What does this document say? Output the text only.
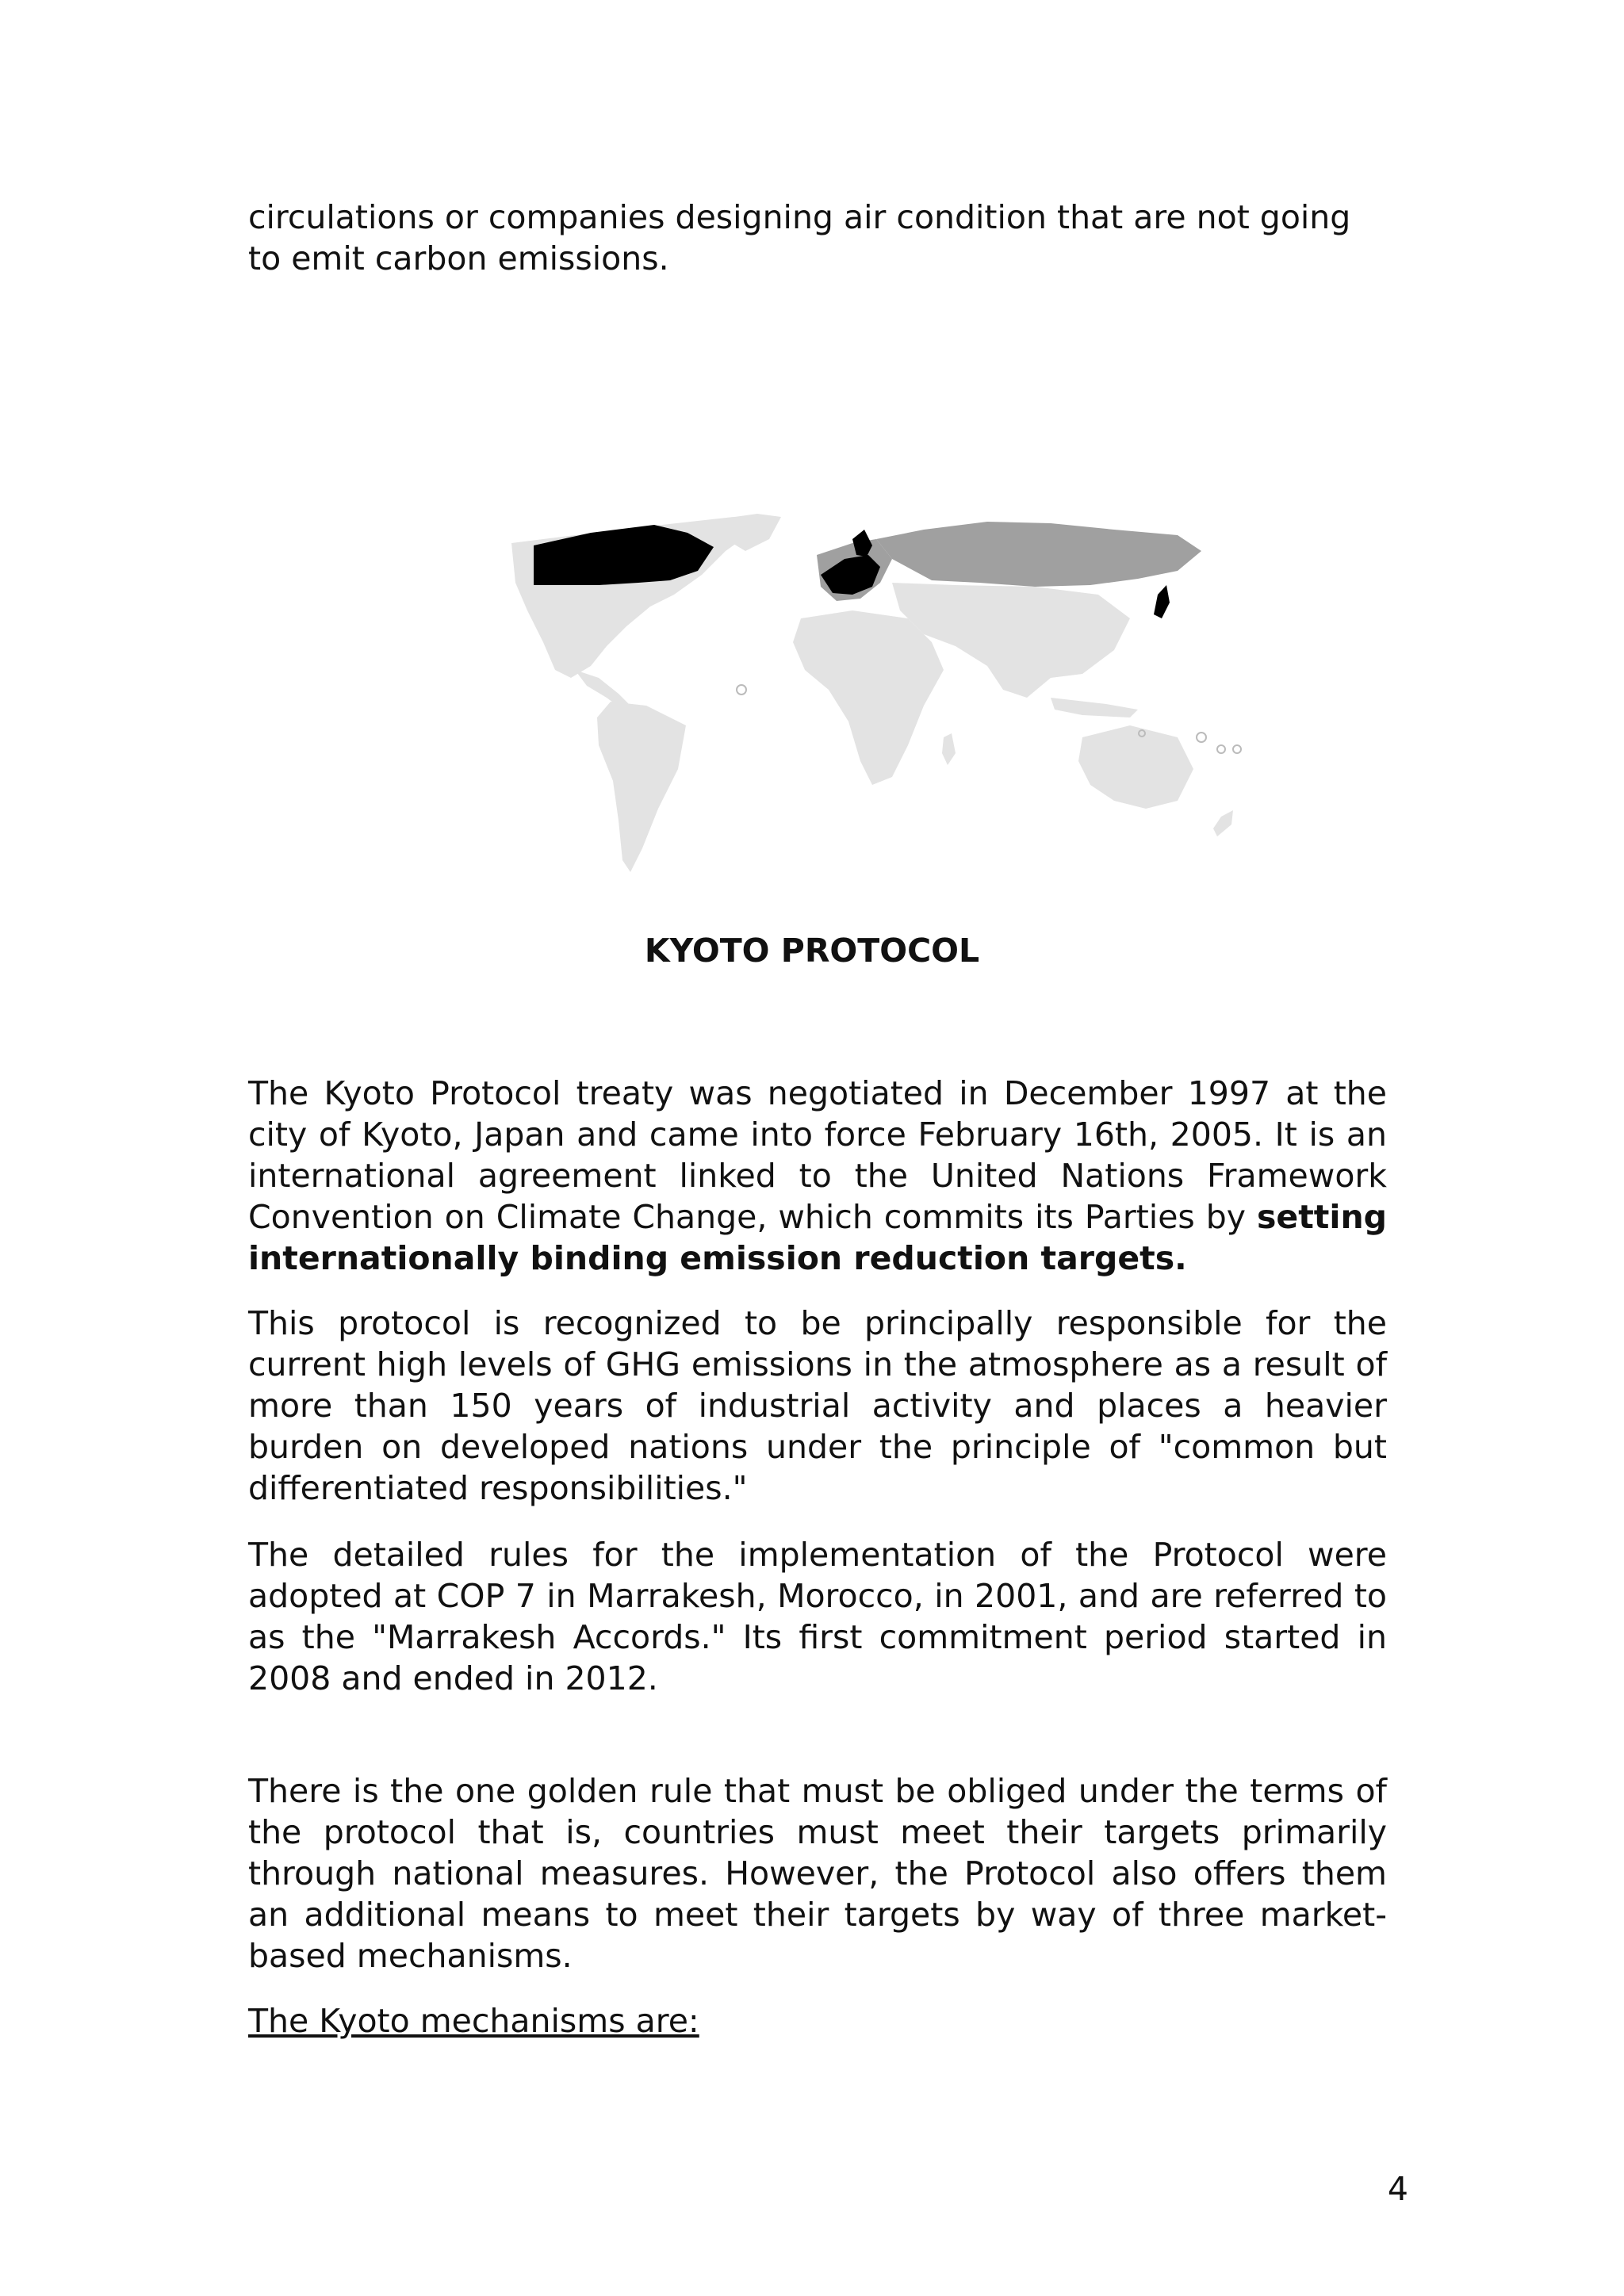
circulations or companies designing air condition that are not going to emit carbon emissions.

KYOTO PROTOCOL

The Kyoto Protocol treaty was negotiated in December 1997 at the city of Kyoto, Japan and came into force February 16th, 2005. It is an international agreement linked to the United Nations Framework Convention on Climate Change, which commits its Parties by setting internationally binding emission reduction targets.

This protocol is recognized to be principally responsible for the current high levels of GHG emissions in the atmosphere as a result of more than 150 years of industrial activity and places a heavier burden on developed nations under the principle of "common but differentiated responsibilities."

The detailed rules for the implementation of the Protocol were adopted at COP 7 in Marrakesh, Morocco, in 2001, and are referred to as the "Marrakesh Accords." Its first commitment period started in 2008 and ended in 2012.

There is the one golden rule that must be obliged under the terms of the protocol that is, countries must meet their targets primarily through national measures. However, the Protocol also offers them an additional means to meet their targets by way of three market-based mechanisms.

The Kyoto mechanisms are:

4
